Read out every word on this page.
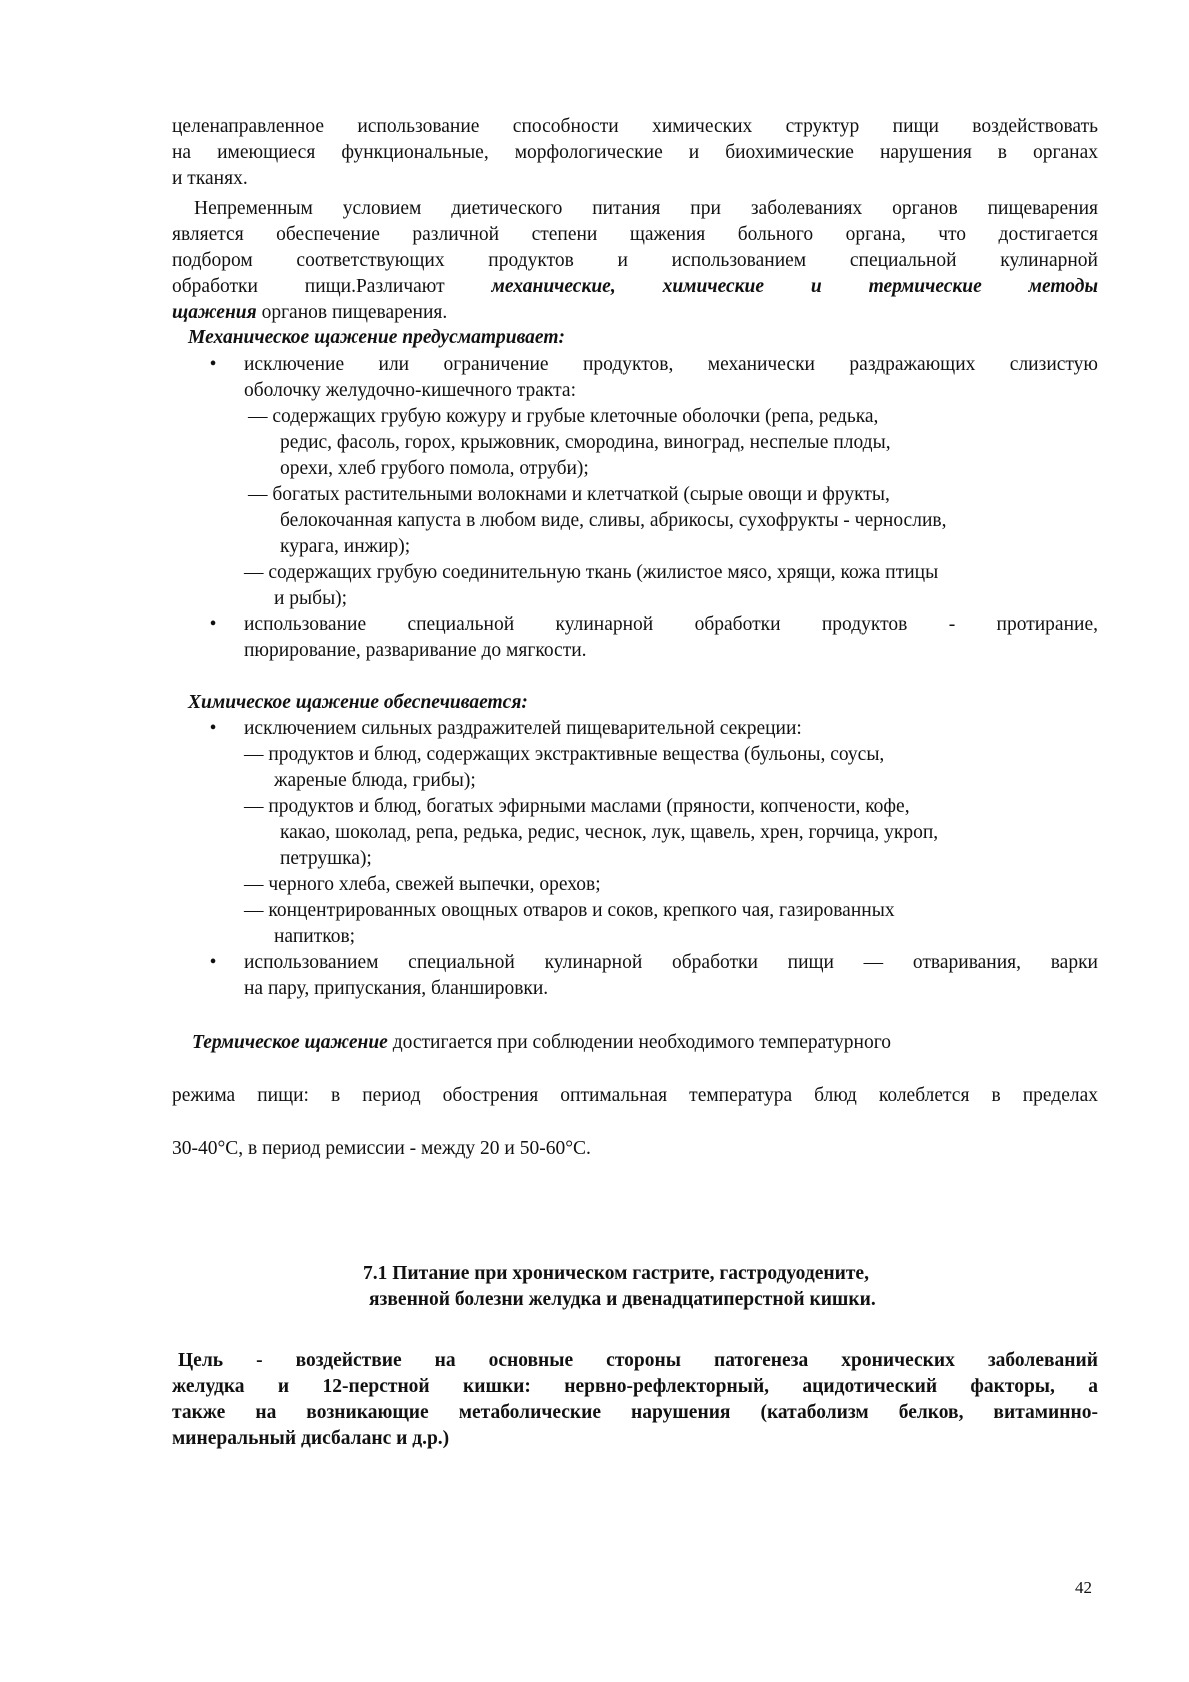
целенаправленное использование способности химических структур пищи воздействовать
на имеющиеся функциональные, морфологические и биохимические нарушения в органах
и тканях.
Непременным условием диетического питания при заболеваниях органов пищеварения
является обеспечение различной степени щажения больного органа, что достигается
подбором соответствующих продуктов и использованием специальной кулинарной
обработки пищи.Различают механические, химические и термические методы
щажения органов пищеварения.
Механическое щажение предусматривает:
• исключение или ограничение продуктов, механически раздражающих слизистую
оболочку желудочно-кишечного тракта:
— содержащих грубую кожуру и грубые клеточные оболочки (репа, редька,
редис, фасоль, горох, крыжовник, смородина, виноград, неспелые плоды,
орехи, хлеб грубого помола, отруби);
— богатых растительными волокнами и клетчаткой (сырые овощи и фрукты,
белокочанная капуста в любом виде, сливы, абрикосы, сухофрукты - чернослив,
курага, инжир);
— содержащих грубую соединительную ткань (жилистое мясо, хрящи, кожа птицы
и рыбы);
• использование специальной кулинарной обработки продуктов - протирание,
пюрирование, разваривание до мягкости.
Химическое щажение обеспечивается:
• исключением сильных раздражителей пищеварительной секреции:
— продуктов и блюд, содержащих экстрактивные вещества (бульоны, соусы,
жареные блюда, грибы);
— продуктов и блюд, богатых эфирными маслами (пряности, копчености, кофе,
какао, шоколад, репа, редька, редис, чеснок, лук, щавель, хрен, горчица, укроп,
петрушка);
— черного хлеба, свежей выпечки, орехов;
— концентрированных овощных отваров и соков, крепкого чая, газированных
напитков;
• использованием специальной кулинарной обработки пищи — отваривания, варки
на пару, припускания, бланшировки.
Термическое щажение достигается при соблюдении необходимого температурного
режима пищи: в период обострения оптимальная температура блюд колеблется в пределах
30-40°С, в период ремиссии - между 20 и 50-60°С.
7.1 Питание при хроническом гастрите, гастродуодените,
язвенной болезни желудка и двенадцатиперстной кишки.
Цель - воздействие на основные стороны патогенеза хронических заболеваний
желудка и 12-перстной кишки: нервно-рефлекторный, ацидотический факторы, а
также на возникающие метаболические нарушения (катаболизм белков, витаминно-
минеральный дисбаланс и д.р.)
42
